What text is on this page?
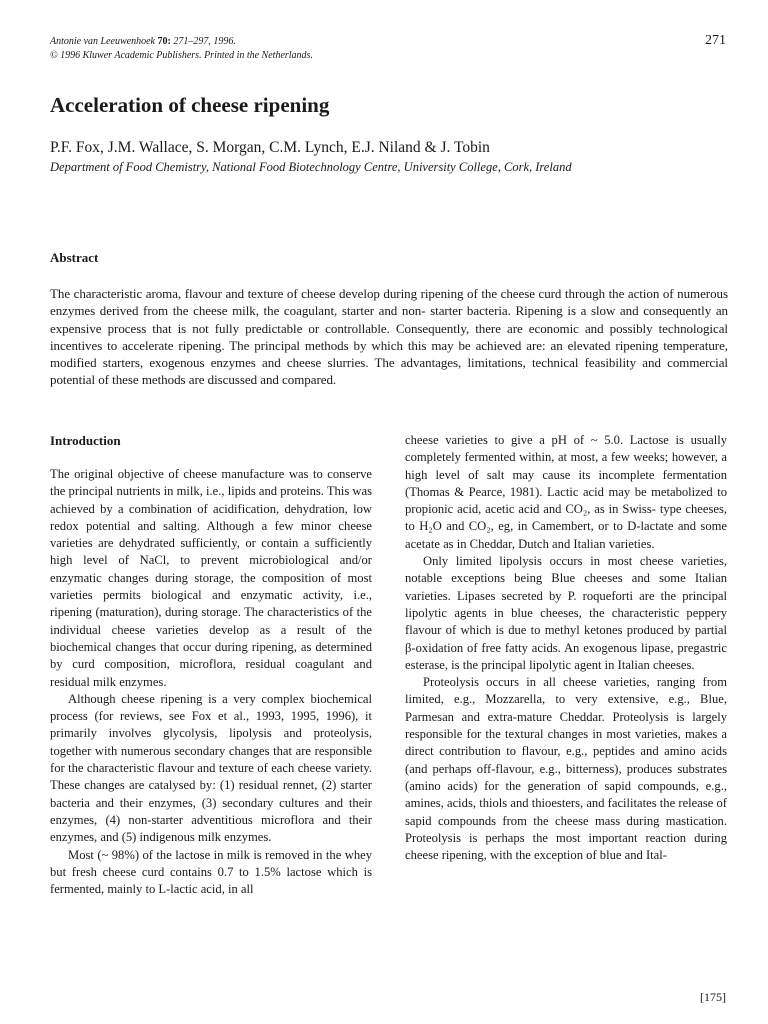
Antonie van Leeuwenhoek 70: 271–297, 1996.
© 1996 Kluwer Academic Publishers. Printed in the Netherlands.
271
Acceleration of cheese ripening
P.F. Fox, J.M. Wallace, S. Morgan, C.M. Lynch, E.J. Niland & J. Tobin
Department of Food Chemistry, National Food Biotechnology Centre, University College, Cork, Ireland
Abstract

The characteristic aroma, flavour and texture of cheese develop during ripening of the cheese curd through the action of numerous enzymes derived from the cheese milk, the coagulant, starter and non- starter bacteria. Ripening is a slow and consequently an expensive process that is not fully predictable or controllable. Consequently, there are economic and possibly technological incentives to accelerate ripening. The principal methods by which this may be achieved are: an elevated ripening temperature, modified starters, exogenous enzymes and cheese slurries. The advantages, limitations, technical feasibility and commercial potential of these methods are discussed and compared.

Introduction

The original objective of cheese manufacture was to conserve the principal nutrients in milk, i.e., lipids and proteins. This was achieved by a combination of acidification, dehydration, low redox potential and salting. Although a few minor cheese varieties are dehydrated sufficiently, or contain a sufficiently high level of NaCl, to prevent microbiological and/or enzymatic changes during storage, the composition of most varieties permits biological and enzymatic activity, i.e., ripening (maturation), during storage. The characteristics of the individual cheese varieties develop as a result of the biochemical changes that occur during ripening, as determined by curd composition, microflora, residual coagulant and residual milk enzymes.

Although cheese ripening is a very complex biochemical process (for reviews, see Fox et al., 1993, 1995, 1996), it primarily involves glycolysis, lipolysis and proteolysis, together with numerous secondary changes that are responsible for the characteristic flavour and texture of each cheese variety. These changes are catalysed by: (1) residual rennet, (2) starter bacteria and their enzymes, (3) secondary cultures and their enzymes, (4) non-starter adventitious microflora and their enzymes, and (5) indigenous milk enzymes.

Most (~ 98%) of the lactose in milk is removed in the whey but fresh cheese curd contains 0.7 to 1.5% lactose which is fermented, mainly to L-lactic acid, in all

cheese varieties to give a pH of ~ 5.0. Lactose is usually completely fermented within, at most, a few weeks; however, a high level of salt may cause its incomplete fermentation (Thomas & Pearce, 1981). Lactic acid may be metabolized to propionic acid, acetic acid and CO₂, as in Swiss- type cheeses, to H₂O and CO₂, eg, in Camembert, or to D-lactate and some acetate as in Cheddar, Dutch and Italian varieties.

Only limited lipolysis occurs in most cheese varieties, notable exceptions being Blue cheeses and some Italian varieties. Lipases secreted by P. roqueforti are the principal lipolytic agents in blue cheeses, the characteristic peppery flavour of which is due to methyl ketones produced by partial β-oxidation of free fatty acids. An exogenous lipase, pregastric esterase, is the principal lipolytic agent in Italian cheeses.

Proteolysis occurs in all cheese varieties, ranging from limited, e.g., Mozzarella, to very extensive, e.g., Blue, Parmesan and extra-mature Cheddar. Proteolysis is largely responsible for the textural changes in most varieties, makes a direct contribution to flavour, e.g., peptides and amino acids (and perhaps off-flavour, e.g., bitterness), produces substrates (amino acids) for the generation of sapid compounds, e.g., amines, acids, thiols and thioesters, and facilitates the release of sapid compounds from the cheese mass during mastication. Proteolysis is perhaps the most important reaction during cheese ripening, with the exception of blue and Ital-

[175]
